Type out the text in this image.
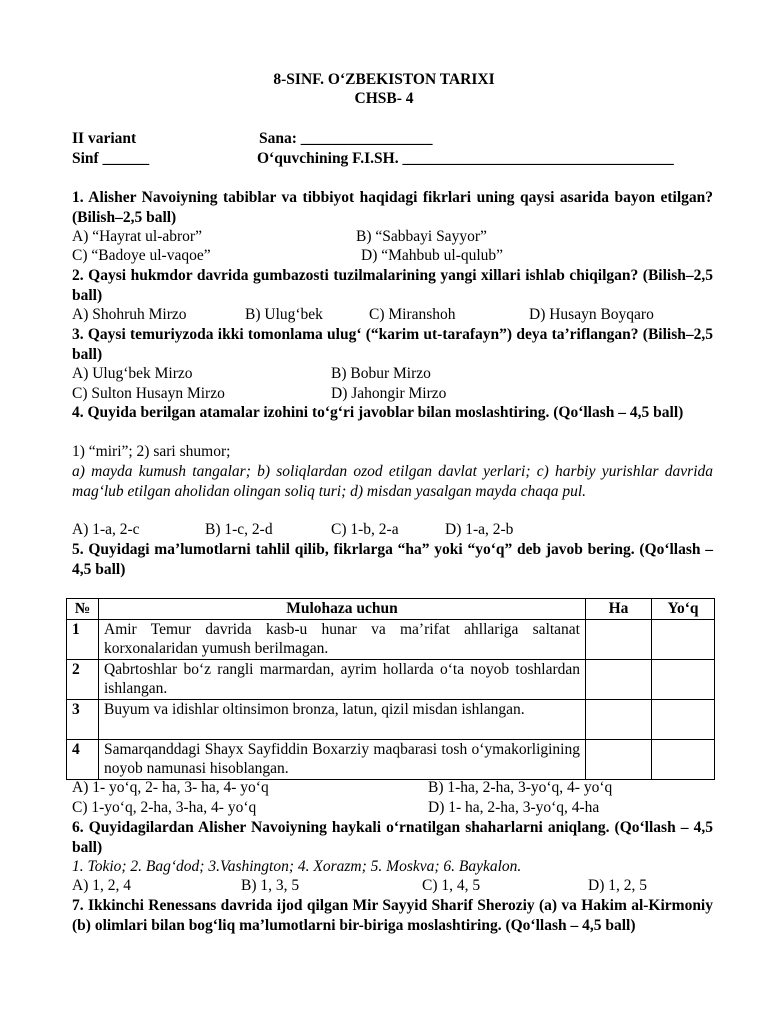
8-SINF. O‘ZBEKISTON TARIXI
CHSB- 4
II variant	Sana: _________________
Sinf ______	O‘quvchining F.I.SH. ___________________________________
1. Alisher Navoiyning tabiblar va tibbiyot haqidagi fikrlari uning qaysi asarida bayon etilgan? (Bilish–2,5 ball)
A) “Hayrat ul-abror”	B) “Sabbayi Sayyor”
C) “Badoye ul-vaqoe”	D) “Mahbub ul-qulub”
2. Qaysi hukmdor davrida gumbazosti tuzilmalarining yangi xillari ishlab chiqilgan? (Bilish–2,5 ball)
A) Shohruh Mirzo	B) Ulug‘bek	C) Miranshoh	D) Husayn Boyqaro
3. Qaysi temuriyzoda ikki tomonlama ulug‘ (“karim ut-tarafayn”) deya ta’riflangan? (Bilish–2,5 ball)
A) Ulug‘bek Mirzo	B) Bobur Mirzo
C) Sulton Husayn Mirzo	D) Jahongir Mirzo
4. Quyida berilgan atamalar izohini to‘g‘ri javoblar bilan moslashtiring. (Qo‘llash – 4,5 ball)
1) “miri”; 2) sari shumor;
a) mayda kumush tangalar; b) soliqlardan ozod etilgan davlat yerlari; c) harbiy yurishlar davrida mag‘lub etilgan aholidan olingan soliq turi; d) misdan yasalgan mayda chaqa pul.
A) 1-a, 2-c	B) 1-c, 2-d	C) 1-b, 2-a	D) 1-a, 2-b
5. Quyidagi ma’lumotlarni tahlil qilib, fikrlarga “ha” yoki “yo‘q” deb javob bering. (Qo‘llash – 4,5 ball)
№	Mulohaza uchun	Ha	Yo‘q
1	Amir Temur davrida kasb-u hunar va ma’rifat ahllariga saltanat korxonalaridan yumush berilmagan.		
2	Qabrtoshlar bo‘z rangli marmardan, ayrim hollarda o‘ta noyob toshlardan ishlangan.		
3	Buyum va idishlar oltinsimon bronza, latun, qizil misdan ishlangan.		
4	Samarqanddagi Shayx Sayfiddin Boxarziy maqbarasi tosh o‘ymakorligining noyob namunasi hisoblangan.		
A) 1- yo‘q, 2- ha, 3- ha, 4- yo‘q	B) 1-ha, 2-ha, 3-yo‘q, 4- yo‘q
C) 1-yo‘q, 2-ha, 3-ha, 4- yo‘q	D) 1- ha, 2-ha, 3-yo‘q, 4-ha
6. Quyidagilardan Alisher Navoiyning haykali o‘rnatilgan shaharlarni aniqlang. (Qo‘llash – 4,5 ball)
1. Tokio; 2. Bag‘dod; 3.Vashington; 4. Xorazm; 5. Moskva; 6. Baykalon.
A) 1, 2, 4	B) 1, 3, 5	C) 1, 4, 5	D) 1, 2, 5
7. Ikkinchi Renessans davrida ijod qilgan Mir Sayyid Sharif Sheroziy (a) va Hakim al-Kirmoniy (b) olimlari bilan bog‘liq ma’lumotlarni bir-biriga moslashtiring. (Qo‘llash – 4,5 ball)
